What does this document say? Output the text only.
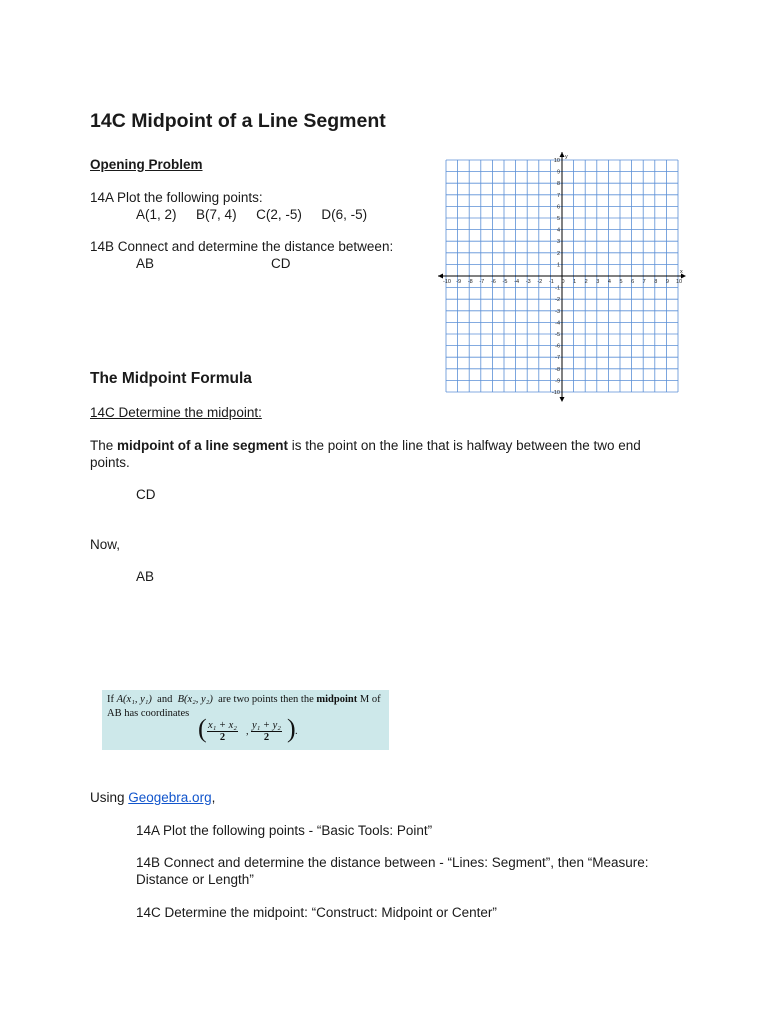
14C Midpoint of a Line Segment
Opening Problem
14A Plot the following points:
A(1, 2) B(7, 4) C(2, -5) D(6, -5)
14B Connect and determine the distance between:
AB	CD
x
y
-10 -9 -8 -7 -6 -5 -4 -3 -2 -1 0 1 2 3 4 5 6 7 8 9 10
10
9
8
7
6
5
4
3
2
1
-1
-2
-3
-4
-5
-6
-7
-8
-9
-10
The Midpoint Formula
14C Determine the midpoint:
The midpoint of a line segment is the point on the line that is halfway between the two end
points.
CD
Now,
AB
If A(x₁, y₁) and B(x₂, y₂) are two points then the midpoint M of
AB has coordinates
( $\frac{\text{x₁ + x₂}}{2}$ , $\frac{\text{y₁ + y₂}}{2}$ ) .
Using Geogebra.org,
14A Plot the following points - “Basic Tools: Point”
14B Connect and determine the distance between - “Lines: Segment”, then “Measure:
Distance or Length”
14C Determine the midpoint: “Construct: Midpoint or Center”
